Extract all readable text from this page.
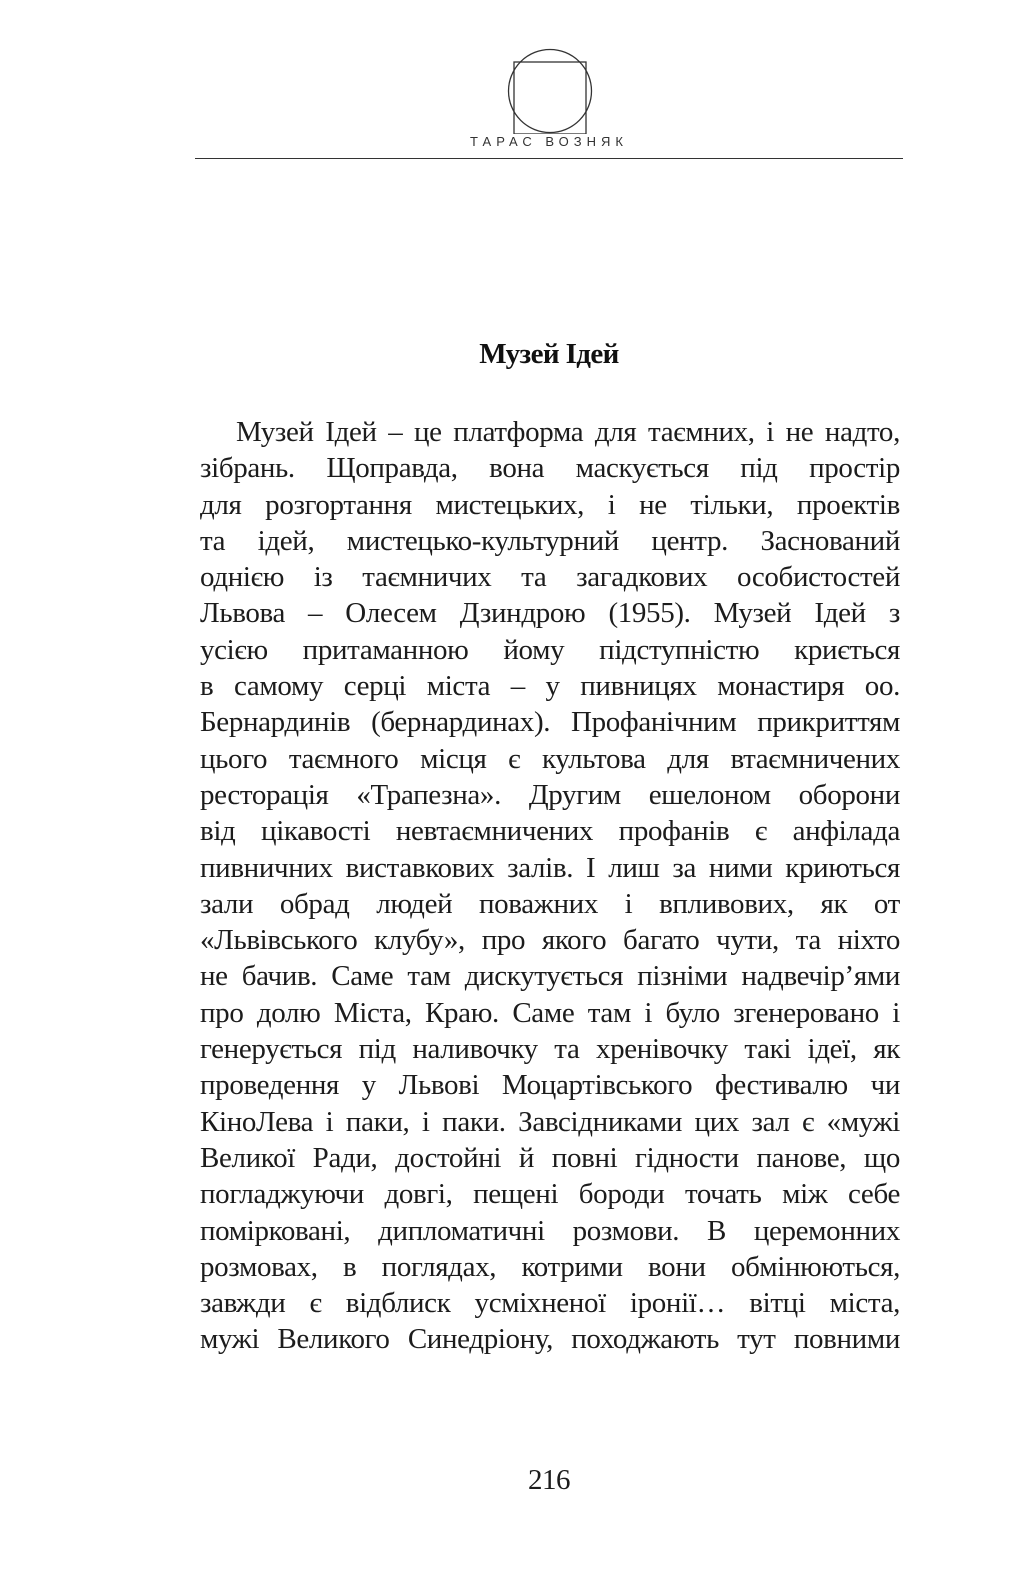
ТАРАС ВОЗНЯК
Музей Ідей
Музей Ідей – це платформа для таємних, і не надто,
зібрань. Щоправда, вона маскується під простір
для розгортання мистецьких, і не тільки, проектів
та ідей, мистецько-культурний центр. Заснований
однією із таємничих та загадкових особистостей
Львова – Олесем Дзиндрою (1955). Музей Ідей з
усією притаманною йому підступністю криється
в самому серці міста – у пивницях монастиря оо.
Бернардинів (бернардинах). Профанічним прикриттям
цього таємного місця є культова для втаємничених
ресторація «Трапезна». Другим ешелоном оборони
від цікавості невтаємничених профанів є анфілада
пивничних виставкових залів. І лиш за ними криються
зали обрад людей поважних і впливових, як от
«Львівського клубу», про якого багато чути, та ніхто
не бачив. Саме там дискутується пізніми надвечір’ями
про долю Міста, Краю. Саме там і було згенеровано і
генерується під наливочку та хренівочку такі ідеї, як
проведення у Львові Моцартівського фестивалю чи
КіноЛева і паки, і паки. Завсідниками цих зал є «мужі
Великої Ради, достойні й повні гідности панове, що
погладжуючи довгі, пещені бороди точать між себе
поміркованi, дипломатичні розмови. В церемонних
розмовах, в поглядах, котрими вони обмінюються,
завжди є відблиск усміхненої іронії… вітці міста,
мужі Великого Синедріону, походжають тут повними
216
